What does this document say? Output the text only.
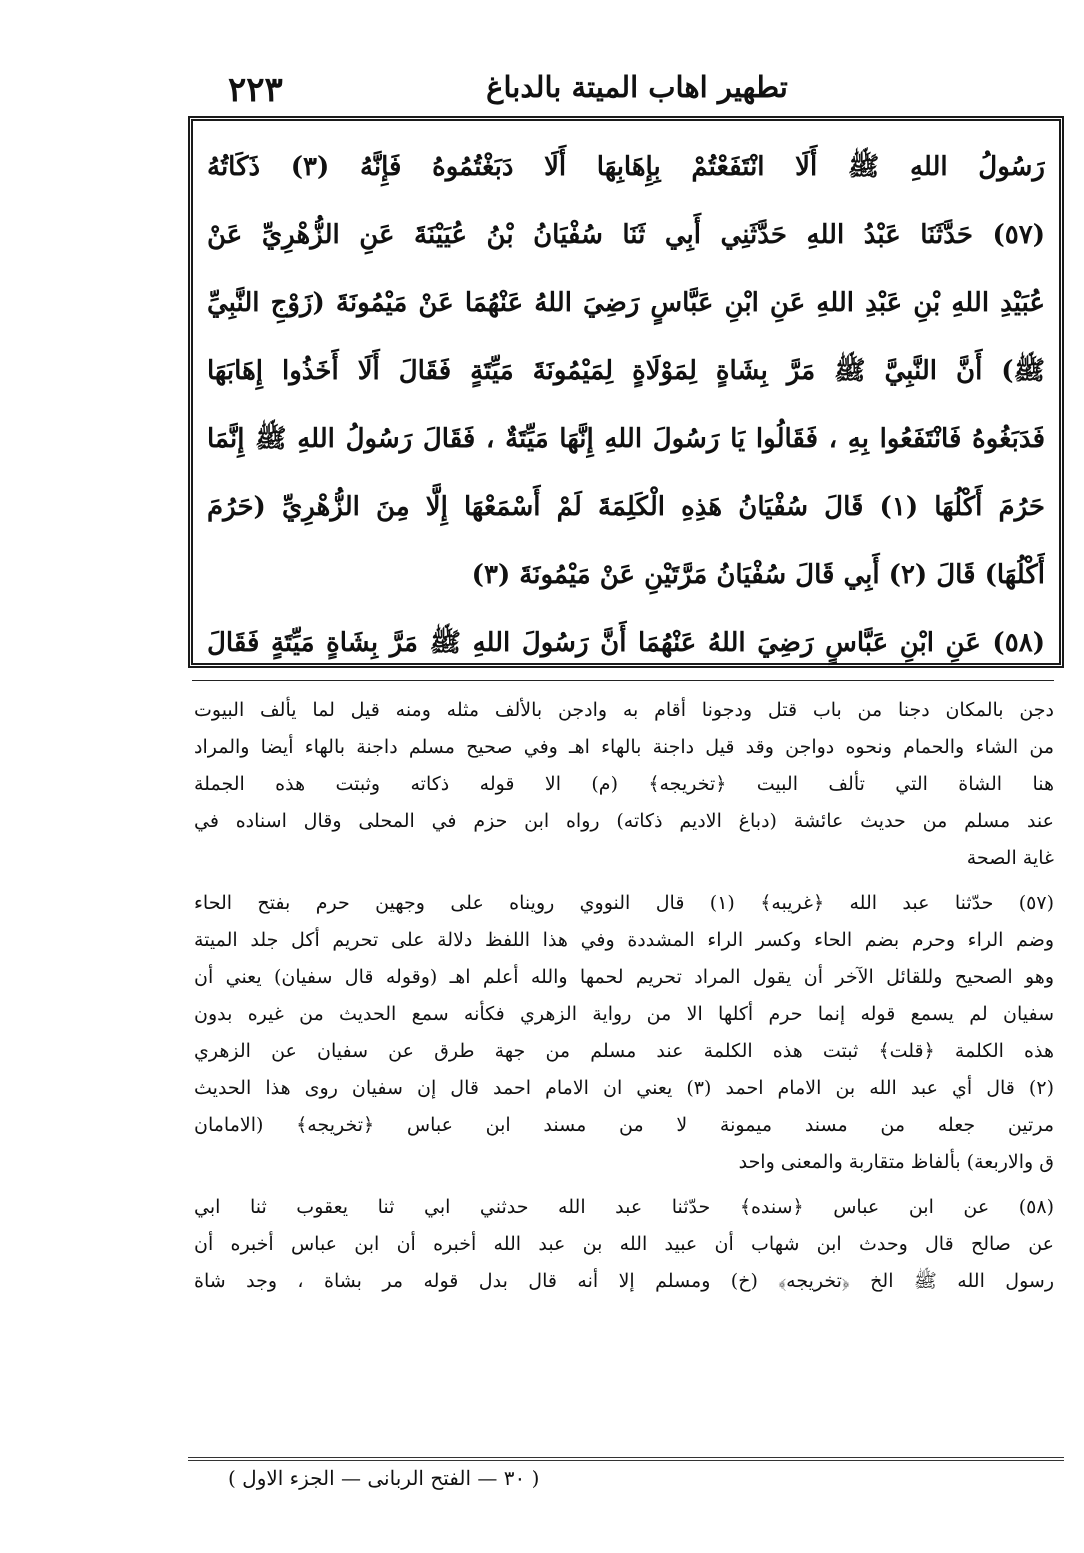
٢٢٣	تطهير اهاب الميتة بالدباغ
رَسُولُ اللهِ ﷺ أَلَا انْتَفَعْتُمْ بِإِهَابِهَا أَلَا دَبَغْتُمُوهُ فَإِنَّهُ (٣) ذَكَاتُهُ
(٥٧) حَدَّثَنَا عَبْدُ اللهِ حَدَّثَنِي أَبِي ثَنَا سُفْيَانُ بْنُ عُيَيْنَةَ عَنِ الزُّهْرِيِّ عَنْ
عُبَيْدِ اللهِ بْنِ عَبْدِ اللهِ عَنِ ابْنِ عَبَّاسٍ رَضِيَ اللهُ عَنْهُمَا عَنْ مَيْمُونَةَ (زَوْجِ النَّبِيِّ
ﷺ) أَنَّ النَّبِيَّ ﷺ مَرَّ بِشَاةٍ لِمَوْلَاةٍ لِمَيْمُونَةَ مَيِّتَةٍ فَقَالَ أَلَا أَخَذُوا إِهَابَهَا
فَدَبَغُوهُ فَانْتَفَعُوا بِهِ ، فَقَالُوا يَا رَسُولَ اللهِ إِنَّهَا مَيِّتَةٌ ، فَقَالَ رَسُولُ اللهِ ﷺ إِنَّمَا
حَرُمَ أَكْلُهَا (١) قَالَ سُفْيَانُ هَذِهِ الْكَلِمَةَ لَمْ أَسْمَعْهَا إِلَّا مِنَ الزُّهْرِيِّ (حَرُمَ
أَكْلُهَا) قَالَ (٢) أَبِي قَالَ سُفْيَانُ مَرَّتَيْنِ عَنْ مَيْمُونَةَ (٣)
(٥٨) عَنِ ابْنِ عَبَّاسٍ رَضِيَ اللهُ عَنْهُمَا أَنَّ رَسُولَ اللهِ ﷺ مَرَّ بِشَاةٍ مَيِّتَةٍ فَقَالَ
دجن بالمكان دجنا من باب قتل ودجونا أقام به وادجن بالألف مثله ومنه قيل لما يألف البيوت
من الشاء والحمام ونحوه دواجن وقد قيل داجنة بالهاء اهـ وفي صحيح مسلم داجنة بالهاء أيضا والمراد
هنا الشاة التي تألف البيت ﴿تخريجه﴾ (م) الا قوله ذكاته وثبتت هذه الجملة
عند مسلم من حديث عائشة (دباغ الاديم ذكاته) رواه ابن حزم في المحلى وقال اسناده في
غاية الصحة
(٥٧) حدّثنا عبد الله ﴿غريبه﴾ (١) قال النووي رويناه على وجهين حرم بفتح الحاء
وضم الراء وحرم بضم الحاء وكسر الراء المشددة وفي هذا اللفظ دلالة على تحريم أكل جلد الميتة
وهو الصحيح وللقائل الآخر أن يقول المراد تحريم لحمها والله أعلم اهـ (وقوله قال سفيان) يعني أن
سفيان لم يسمع قوله إنما حرم أكلها الا من رواية الزهري فكأنه سمع الحديث من غيره بدون
هذه الكلمة ﴿قلت﴾ ثبتت هذه الكلمة عند مسلم من جهة طرق عن سفيان عن الزهري
(٢) قال أي عبد الله بن الامام احمد (٣) يعني ان الامام احمد قال إن سفيان روى هذا الحديث
مرتين جعله من مسند ميمونة لا من مسند ابن عباس ﴿تخريجه﴾ (الامامان
ق والاربعة) بألفاظ متقاربة والمعنى واحد
(٥٨) عن ابن عباس ﴿سنده﴾ حدّثنا عبد الله حدثني ابي ثنا يعقوب ثنا ابي
عن صالح قال وحدث ابن شهاب أن عبيد الله بن عبد الله أخبره أن ابن عباس أخبره أن
رسول الله ﷺ الخ ﴿تخريجه﴾ (خ) ومسلم إلا أنه قال بدل قوله مر بشاة ، وجد شاة
( ٣٠ — الفتح الربانى — الجزء الاول )
